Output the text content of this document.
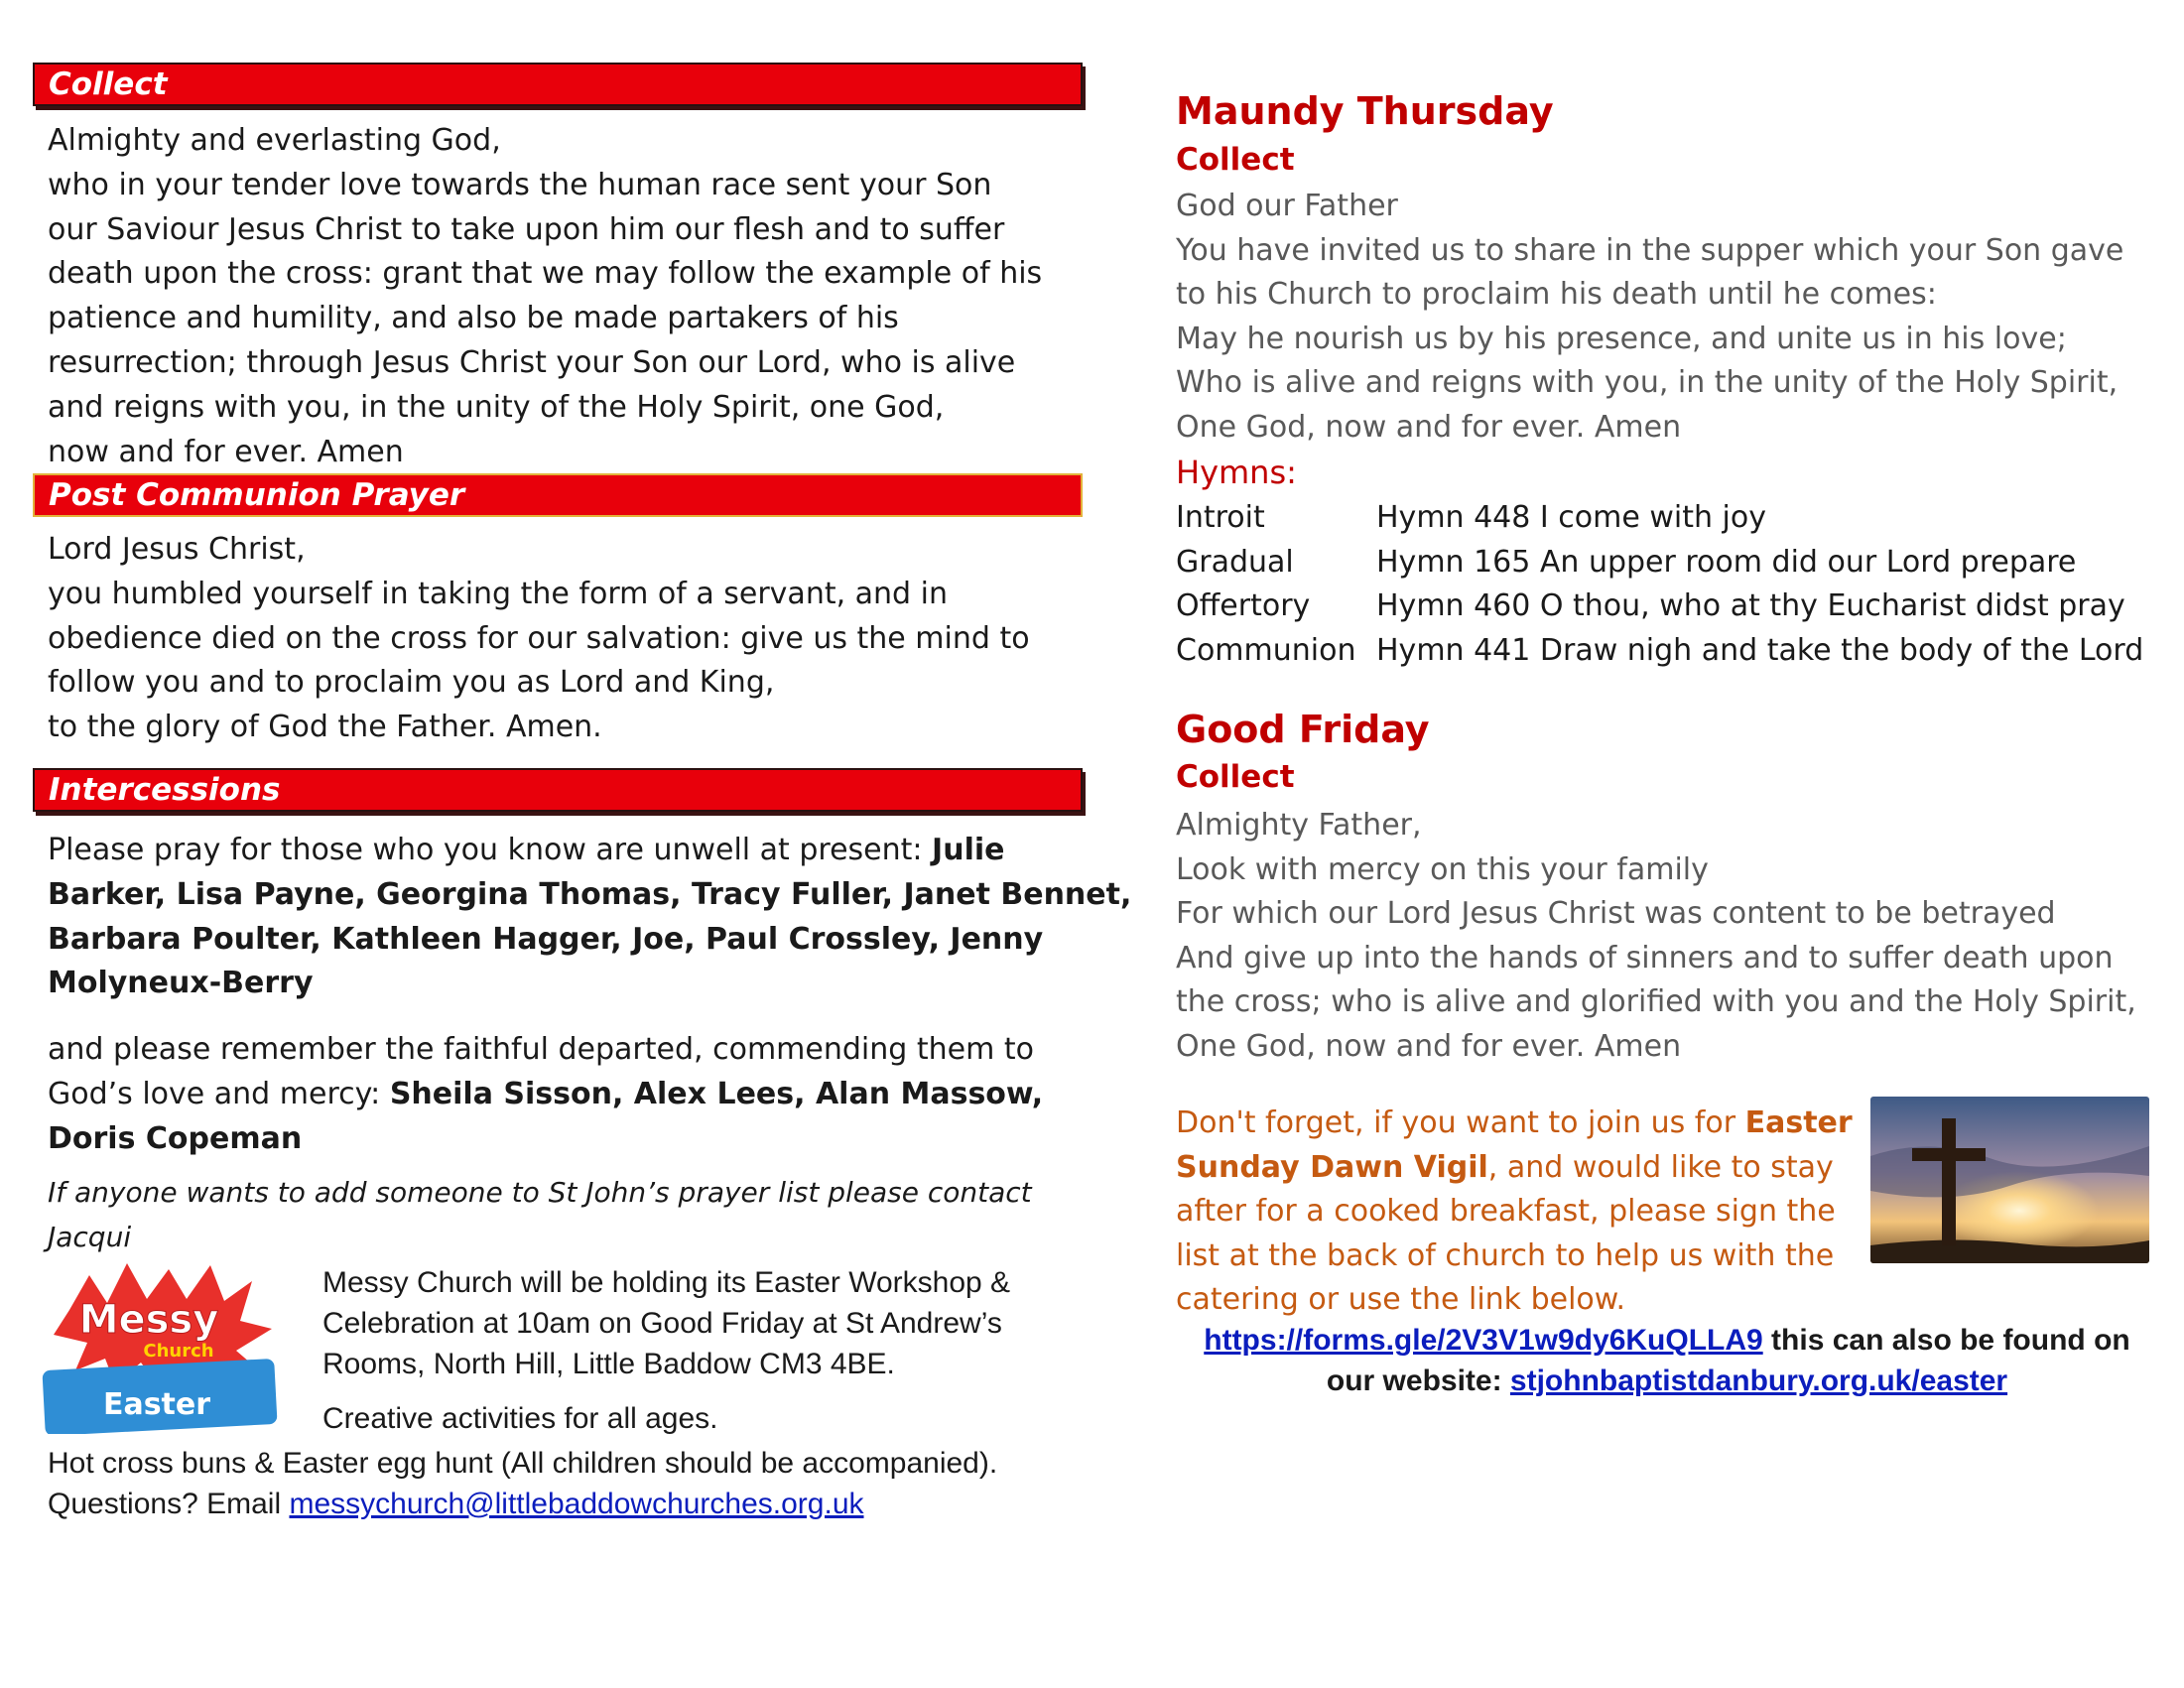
Collect
Almighty and everlasting God,
who in your tender love towards the human race sent your Son
our Saviour Jesus Christ to take upon him our flesh and to suffer
death upon the cross: grant that we may follow the example of his
patience and humility, and also be made partakers of his
resurrection; through Jesus Christ your Son our Lord, who is alive
and reigns with you, in the unity of the Holy Spirit, one God,
now and for ever. Amen
Post Communion Prayer
Lord Jesus Christ,
you humbled yourself in taking the form of a servant, and in
obedience died on the cross for our salvation: give us the mind to
follow you and to proclaim you as Lord and King,
to the glory of God the Father. Amen.
Intercessions
Please pray for those who you know are unwell at present: Julie
Barker, Lisa Payne, Georgina Thomas, Tracy Fuller, Janet Bennet,
Barbara Poulter, Kathleen Hagger, Joe, Paul Crossley, Jenny
Molyneux-Berry
and please remember the faithful departed, commending them to
God’s love and mercy: Sheila Sisson, Alex Lees, Alan Massow,
Doris Copeman
If anyone wants to add someone to St John’s prayer list please contact Jacqui
Messy
Church
Easter
Messy Church will be holding its Easter Workshop &
Celebration at 10am on Good Friday at St Andrew’s
Rooms, North Hill, Little Baddow CM3 4BE.
Creative activities for all ages.
Hot cross buns & Easter egg hunt (All children should be accompanied).
Questions? Email messychurch@littlebaddowchurches.org.uk
Maundy Thursday
Collect
God our Father
You have invited us to share in the supper which your Son gave
to his Church to proclaim his death until he comes:
May he nourish us by his presence, and unite us in his love;
Who is alive and reigns with you, in the unity of the Holy Spirit,
One God, now and for ever. Amen
Hymns:
Introit	Hymn 448 I come with joy
Gradual	Hymn 165 An upper room did our Lord prepare
Offertory	Hymn 460 O thou, who at thy Eucharist didst pray
Communion Hymn 441 Draw nigh and take the body of the Lord
Good Friday
Collect
Almighty Father,
Look with mercy on this your family
For which our Lord Jesus Christ was content to be betrayed
And give up into the hands of sinners and to suffer death upon
the cross; who is alive and glorified with you and the Holy Spirit,
One God, now and for ever. Amen
Don't forget, if you want to join us for Easter
Sunday Dawn Vigil, and would like to stay
after for a cooked breakfast, please sign the
list at the back of church to help us with the
catering or use the link below.
https://forms.gle/2V3V1w9dy6KuQLLA9 this can also be found on
our website: stjohnbaptistdanbury.org.uk/easter
